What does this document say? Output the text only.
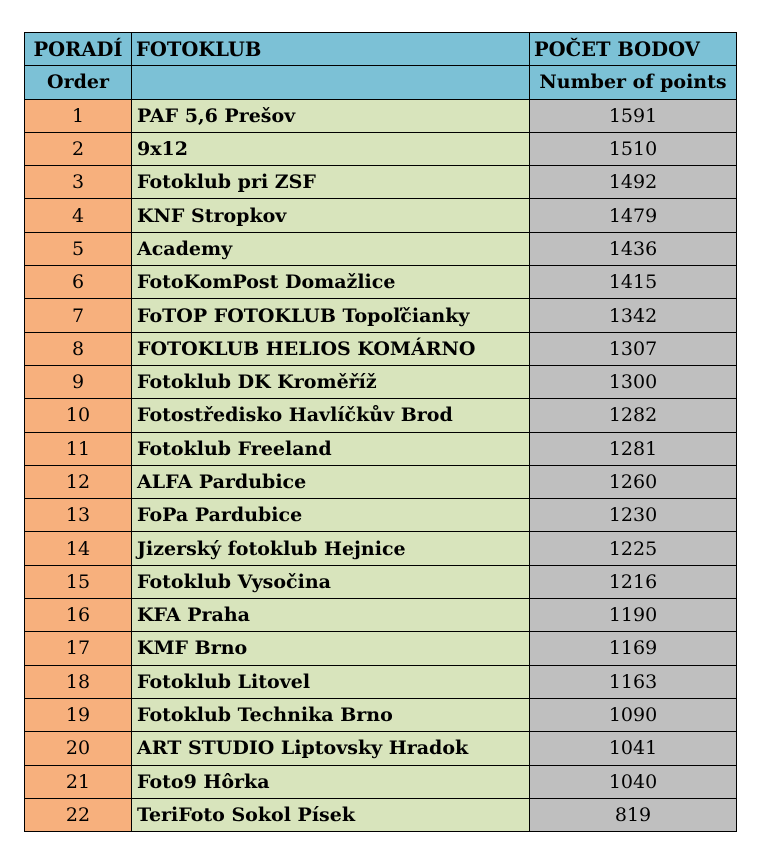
PORADÍ	FOTOKLUB	POČET BODOV
Order		Number of points
1	PAF 5,6 Prešov	1591
2	9x12	1510
3	Fotoklub pri ZSF	1492
4	KNF Stropkov	1479
5	Academy	1436
6	FotoKomPost Domažlice	1415
7	FoTOP FOTOKLUB Topoľčianky	1342
8	FOTOKLUB HELIOS KOMÁRNO	1307
9	Fotoklub DK Kroměříž	1300
10	Fotostředisko Havlíčkův Brod	1282
11	Fotoklub Freeland	1281
12	ALFA Pardubice	1260
13	FoPa Pardubice	1230
14	Jizerský fotoklub Hejnice	1225
15	Fotoklub Vysočina	1216
16	KFA Praha	1190
17	KMF Brno	1169
18	Fotoklub Litovel	1163
19	Fotoklub Technika Brno	1090
20	ART STUDIO Liptovsky Hradok	1041
21	Foto9 Hôrka	1040
22	TeriFoto Sokol Písek	819
